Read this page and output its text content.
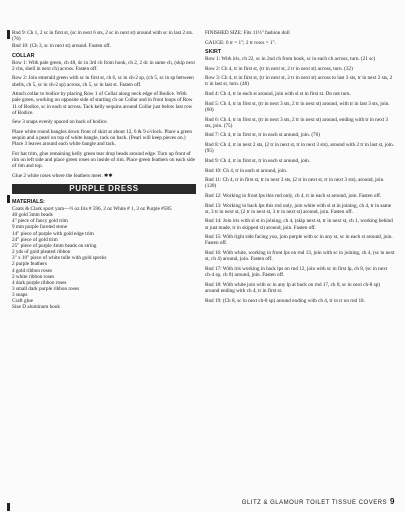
Rnd 9: Ch 1, 2 sc in first st, (sc in next 6 sts, 2 sc in next st) around with sc in last 2 sts. (76)

Rnd 10: (Ch 3, sc in next st) around. Fasten off.

COLLAR

Row 1: With pale green, ch 48, dc in 3rd ch from hook, ch 2, 2 dc in same ch, (skip next 2 chs, shell in next ch) across. Fasten off.

Row 2: Join emerald green with sc in first st, ch 6, sc in ch-2 sp, (ch 5, sc in sp between shells, ch 5, sc in ch-2 sp) across, ch 5, sc in last st. Fasten off.

Attach collar to bodice by placing Row 1 of Collar along neck edge of Bodice. With pale green, working on opposite side of starting ch on Collar and in front loops of Row 11 of Bodice, sc in each st across. Tack kelly sequins around Collar just below last row of Bodice.

Sew 3 snaps evenly spaced on back of bodice.

Place white round bangles down front of skirt at about 12, 6 & 9 o'clock. Place a green sequin and a pearl on top of white bangle, tack on back. (Pearl will keep pieces on.) Place 3 leaves around each white bangle and tack.

For hat trim, glue remaining kelly green tear drop beads around edge. Turn up front of rim on left side and place green roses on inside of rim. Place green feathers on each side of rim and top.

Glue 2 white roses where the feathers meet. ✱✱

PURPLE DRESS
MATERIALS:
Coats & Clark sport yarn—½ oz Iris # 596, 2 oz White # 1, 3 oz Purple #585
40 gold 3mm beads
4" piece of fancy gold trim
9 mm purple faceted stone
14" piece of purple with gold edge trim
24" piece of gold trim
25" piece of purple 4mm beads on string
2 yds of gold pleated ribbon
3" x 10" piece of white tulle with gold specks
2 purple feathers
4 gold ribbon roses
2 white ribbon roses
4 dark purple ribbon roses
3 small dark purple ribbon roses
3 snaps
Craft glue
Size D aluminum hook

FINISHED SIZE: Fits 11½" fashion doll

GAUGE: 6 tr = 1"; 2 tr rows = 1".

SKIRT

Row 1: With iris, ch 22, sc in 2nd ch from hook, sc in each ch across, turn. (21 sc)

Row 2: Ch 4, tr in first st, (tr in next st, 2 tr in next st) across, turn. (32)

Row 3: Ch 4, tr in first st, (tr in next st, 2 tr in next st) across to last 3 sts, tr in next 2 sts, 2 tr in last st, turn. (48)

Rnd 4: Ch 4, tr in each st around, join with sl st in first st. Do not turn.

Rnd 5: Ch 4, tr in first st, (tr in next 3 sts, 2 tr in next st) around, with tr in last 3 sts, join. (60)

Rnd 6: Ch 4, tr in first st, (tr in next 3 sts, 2 tr in next st) around, ending with tr in next 3 sts, join. (75)

Rnd 7: Ch 4, tr in first st, tr in each st around, join. (76)

Rnd 8: Ch 4, tr in next 2 sts, (2 tr in next st, tr in next 3 sts), around with 2 tr in last st, join. (95)

Rnd 9: Ch 4, tr in first st, tr in each st around, join.

Rnd 10: Ch 4, tr in each st around, join.

Rnd 11: Ch 4, tr in first st, tr in next 3 sts, (2 tr in next st, tr in next 3 sts), around, join. (120)

Rnd 12: Working in front lps this rnd only, ch 4, tr in each st around, join. Fasten off.

Rnd 13: Working in back lps this rnd only, join white with sl st in joining, ch 4, tr in same st, 3 tr in next st, (2 tr in next st, 3 tr in next st) around, join. Fasten off.

Rnd 14: Join iris with sl st in joining, ch 4, (skip next st, tr in next st, ch 1, working behind st just made, tr in skipped st) around, join. Fasten off.

Rnd 15: With right side facing you, join purple with sc in any st, sc in each st around, join. Fasten off.

Rnd 16: With white, working in front lps on rnd 13, join with sc in joining, ch 4, (sc in next st, ch 4) around, join. Fasten off.

Rnd 17: With iris working in back lps on rnd 12, join with sc in first lp, ch 8, (sc in next ch-4 sp, ch 8) around, join. Fasten off.

Rnd 18: With white join with sc in any lp at back on rnd 17, ch 8, sc in next ch-8 sp) around ending with ch 4, tr in first st.

Rnd 19: (Ch 8, sc in next ch-8 sp) around ending with ch 4, tr in tr on rnd 18.

GLITZ & GLAMOUR TOILET TISSUE COVERS 9
